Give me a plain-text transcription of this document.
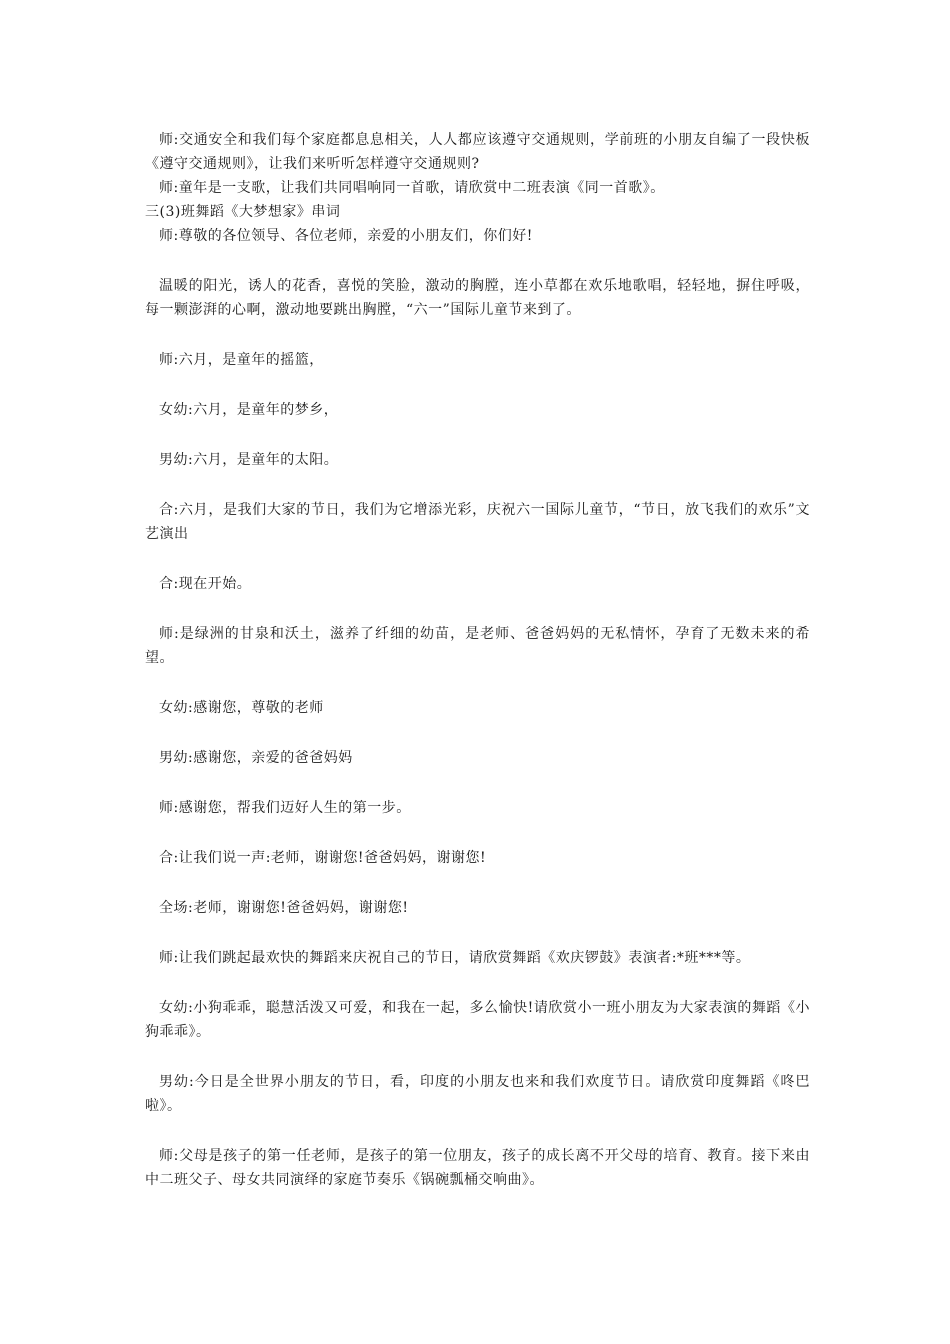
师:交通安全和我们每个家庭都息息相关，人人都应该遵守交通规则，学前班的小朋友自编了一段快板《遵守交通规则》，让我们来听听怎样遵守交通规则?

师:童年是一支歌，让我们共同唱响同一首歌，请欣赏中二班表演《同一首歌》。

三(3)班舞蹈《大梦想家》串词

师:尊敬的各位领导、各位老师，亲爱的小朋友们，你们好!

温暖的阳光，诱人的花香，喜悦的笑脸，激动的胸膛，连小草都在欢乐地歌唱，轻轻地，摒住呼吸，每一颗澎湃的心啊，激动地要跳出胸膛，“六一”国际儿童节来到了。

师:六月，是童年的摇篮，

女幼:六月，是童年的梦乡，

男幼:六月，是童年的太阳。

合:六月，是我们大家的节日，我们为它增添光彩，庆祝六一国际儿童节，“节日，放飞我们的欢乐”文艺演出

合:现在开始。

师:是绿洲的甘泉和沃土，滋养了纤细的幼苗，是老师、爸爸妈妈的无私情怀，孕育了无数未来的希望。

女幼:感谢您，尊敬的老师

男幼:感谢您，亲爱的爸爸妈妈

师:感谢您，帮我们迈好人生的第一步。

合:让我们说一声:老师，谢谢您!爸爸妈妈，谢谢您!

全场:老师，谢谢您!爸爸妈妈，谢谢您!

师:让我们跳起最欢快的舞蹈来庆祝自己的节日，请欣赏舞蹈《欢庆锣鼓》表演者:*班***等。

女幼:小狗乖乖，聪慧活泼又可爱，和我在一起，多么愉快!请欣赏小一班小朋友为大家表演的舞蹈《小狗乖乖》。

男幼:今日是全世界小朋友的节日，看，印度的小朋友也来和我们欢度节日。请欣赏印度舞蹈《咚巴啦》。

师:父母是孩子的第一任老师，是孩子的第一位朋友，孩子的成长离不开父母的培育、教育。接下来由中二班父子、母女共同演绎的家庭节奏乐《锅碗瓢桶交响曲》。
